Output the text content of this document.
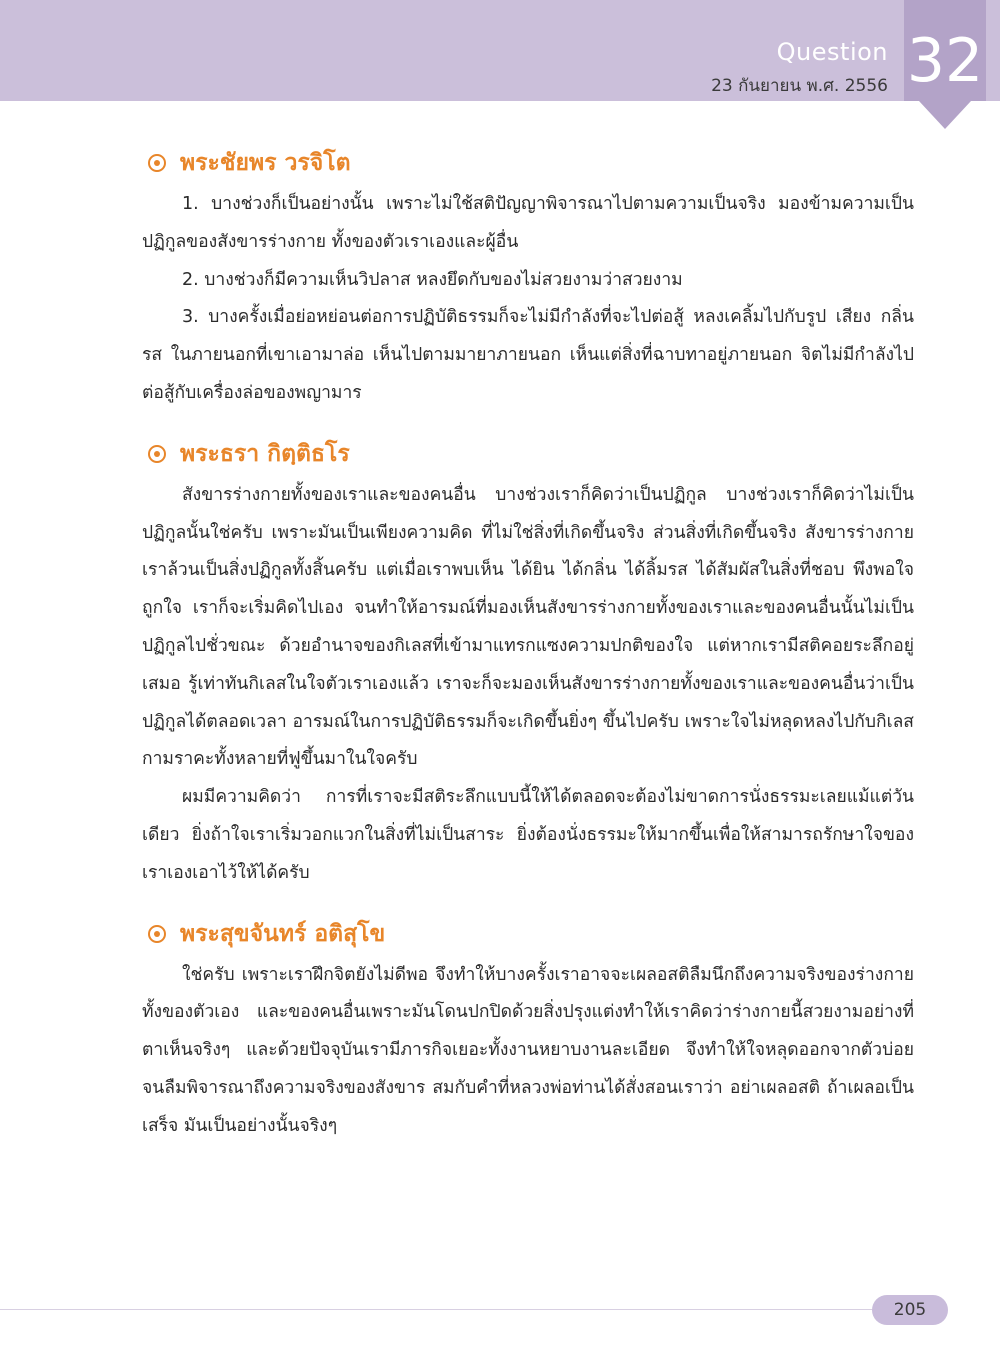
Question
23 กันยายน พ.ศ. 2556 32
พระชัยพร วรจิโต

1. บางช่วงก็เป็นอย่างนั้น เพราะไม่ใช้สติปัญญาพิจารณาไปตามความเป็นจริง มองข้ามความเป็นปฏิกูลของสังขารร่างกาย ทั้งของตัวเราเองและผู้อื่น

2. บางช่วงก็มีความเห็นวิปลาส หลงยึดกับของไม่สวยงามว่าสวยงาม

3. บางครั้งเมื่อย่อหย่อนต่อการปฏิบัติธรรมก็จะไม่มีกำลังที่จะไปต่อสู้ หลงเคลิ้มไปกับรูป เสียง กลิ่น รส ในภายนอกที่เขาเอามาล่อ เห็นไปตามมายาภายนอก เห็นแต่สิ่งที่ฉาบทาอยู่ภายนอก จิตไม่มีกำลังไปต่อสู้กับเครื่องล่อของพญามาร

พระธรา กิตฺติธโร

สังขารร่างกายทั้งของเราและของคนอื่น บางช่วงเราก็คิดว่าเป็นปฏิกูล บางช่วงเราก็คิดว่าไม่เป็นปฏิกูลนั้นใช่ครับ เพราะมันเป็นเพียงความคิด ที่ไม่ใช่สิ่งที่เกิดขึ้นจริง ส่วนสิ่งที่เกิดขึ้นจริง สังขารร่างกายเราล้วนเป็นสิ่งปฏิกูลทั้งสิ้นครับ แต่เมื่อเราพบเห็น ได้ยิน ได้กลิ่น ได้ลิ้มรส ได้สัมผัสในสิ่งที่ชอบ พึงพอใจถูกใจ เราก็จะเริ่มคิดไปเอง จนทำให้อารมณ์ที่มองเห็นสังขารร่างกายทั้งของเราและของคนอื่นนั้นไม่เป็นปฏิกูลไปชั่วขณะ ด้วยอำนาจของกิเลสที่เข้ามาแทรกแซงความปกติของใจ แต่หากเรามีสติคอยระลึกอยู่เสมอ รู้เท่าทันกิเลสในใจตัวเราเองแล้ว เราจะก็จะมองเห็นสังขารร่างกายทั้งของเราและของคนอื่นว่าเป็นปฏิกูลได้ตลอดเวลา อารมณ์ในการปฏิบัติธรรมก็จะเกิดขึ้นยิ่งๆ ขึ้นไปครับ เพราะใจไม่หลุดหลงไปกับกิเลสกามราคะทั้งหลายที่ฟูขึ้นมาในใจครับ

ผมมีความคิดว่า การที่เราจะมีสติระลึกแบบนี้ให้ได้ตลอดจะต้องไม่ขาดการนั่งธรรมะเลยแม้แต่วันเดียว ยิ่งถ้าใจเราเริ่มวอกแวกในสิ่งที่ไม่เป็นสาระ ยิ่งต้องนั่งธรรมะให้มากขึ้นเพื่อให้สามารถรักษาใจของเราเองเอาไว้ให้ได้ครับ

พระสุขจันทร์ อติสุโข

ใช่ครับ เพราะเราฝึกจิตยังไม่ดีพอ จึงทำให้บางครั้งเราอาจจะเผลอสติลืมนึกถึงความจริงของร่างกายทั้งของตัวเอง และของคนอื่นเพราะมันโดนปกปิดด้วยสิ่งปรุงแต่งทำให้เราคิดว่าร่างกายนี้สวยงามอย่างที่ตาเห็นจริงๆ และด้วยปัจจุบันเรามีภารกิจเยอะทั้งงานหยาบงานละเอียด จึงทำให้ใจหลุดออกจากตัวบ่อย จนลืมพิจารณาถึงความจริงของสังขาร สมกับคำที่หลวงพ่อท่านได้สั่งสอนเราว่า อย่าเผลอสติ ถ้าเผลอเป็นเสร็จ มันเป็นอย่างนั้นจริงๆ

205
